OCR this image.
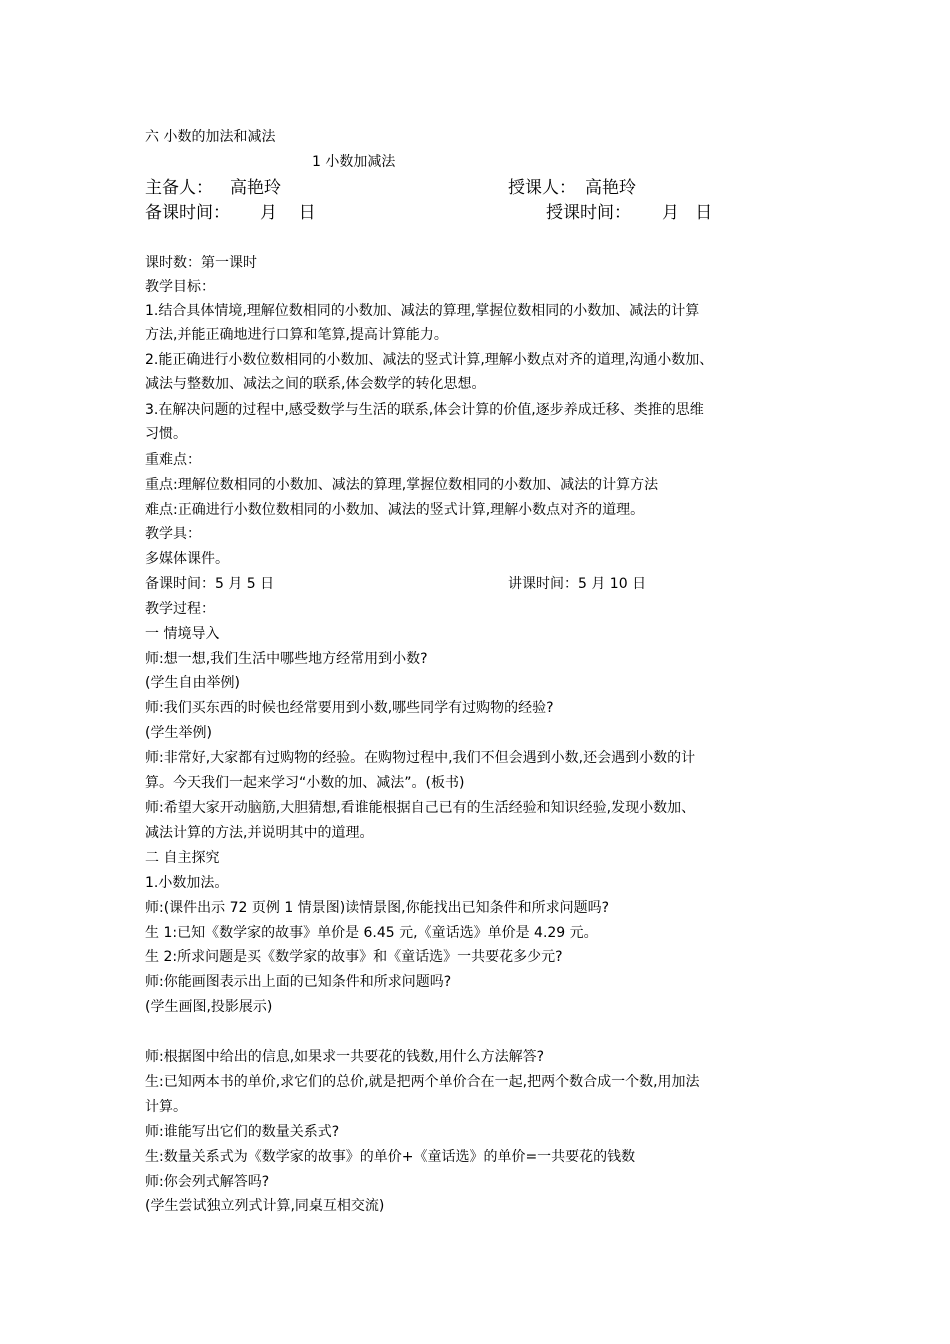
六 小数的加法和减法
1 小数加减法
主备人： 高艳玲	授课人： 高艳玲
备课时间： 月    日	授课时间： 月   日
课时数：第一课时
教学目标：
1.结合具体情境,理解位数相同的小数加、减法的算理,掌握位数相同的小数加、减法的计算
方法,并能正确地进行口算和笔算,提高计算能力。
2.能正确进行小数位数相同的小数加、减法的竖式计算,理解小数点对齐的道理,沟通小数加、
减法与整数加、减法之间的联系,体会数学的转化思想。
3.在解决问题的过程中,感受数学与生活的联系,体会计算的价值,逐步养成迁移、类推的思维
习惯。
重难点：
重点:理解位数相同的小数加、减法的算理,掌握位数相同的小数加、减法的计算方法
难点:正确进行小数位数相同的小数加、减法的竖式计算,理解小数点对齐的道理。
教学具：
多媒体课件。
备课时间：5 月 5 日	讲课时间：5 月 10 日
教学过程：
一 情境导入
师:想一想,我们生活中哪些地方经常用到小数?
(学生自由举例)
师:我们买东西的时候也经常要用到小数,哪些同学有过购物的经验?
(学生举例)
师:非常好,大家都有过购物的经验。在购物过程中,我们不但会遇到小数,还会遇到小数的计
算。今天我们一起来学习“小数的加、减法”。(板书)
师:希望大家开动脑筋,大胆猜想,看谁能根据自己已有的生活经验和知识经验,发现小数加、
减法计算的方法,并说明其中的道理。
二 自主探究
1.小数加法。
师:(课件出示 72 页例 1 情景图)读情景图,你能找出已知条件和所求问题吗?
生 1:已知《数学家的故事》单价是 6.45 元,《童话选》单价是 4.29 元。
生 2:所求问题是买《数学家的故事》和《童话选》一共要花多少元?
师:你能画图表示出上面的已知条件和所求问题吗?
(学生画图,投影展示)
师:根据图中给出的信息,如果求一共要花的钱数,用什么方法解答?
生:已知两本书的单价,求它们的总价,就是把两个单价合在一起,把两个数合成一个数,用加法
计算。
师:谁能写出它们的数量关系式?
生:数量关系式为《数学家的故事》的单价+《童话选》的单价=一共要花的钱数
师:你会列式解答吗?
(学生尝试独立列式计算,同桌互相交流)
